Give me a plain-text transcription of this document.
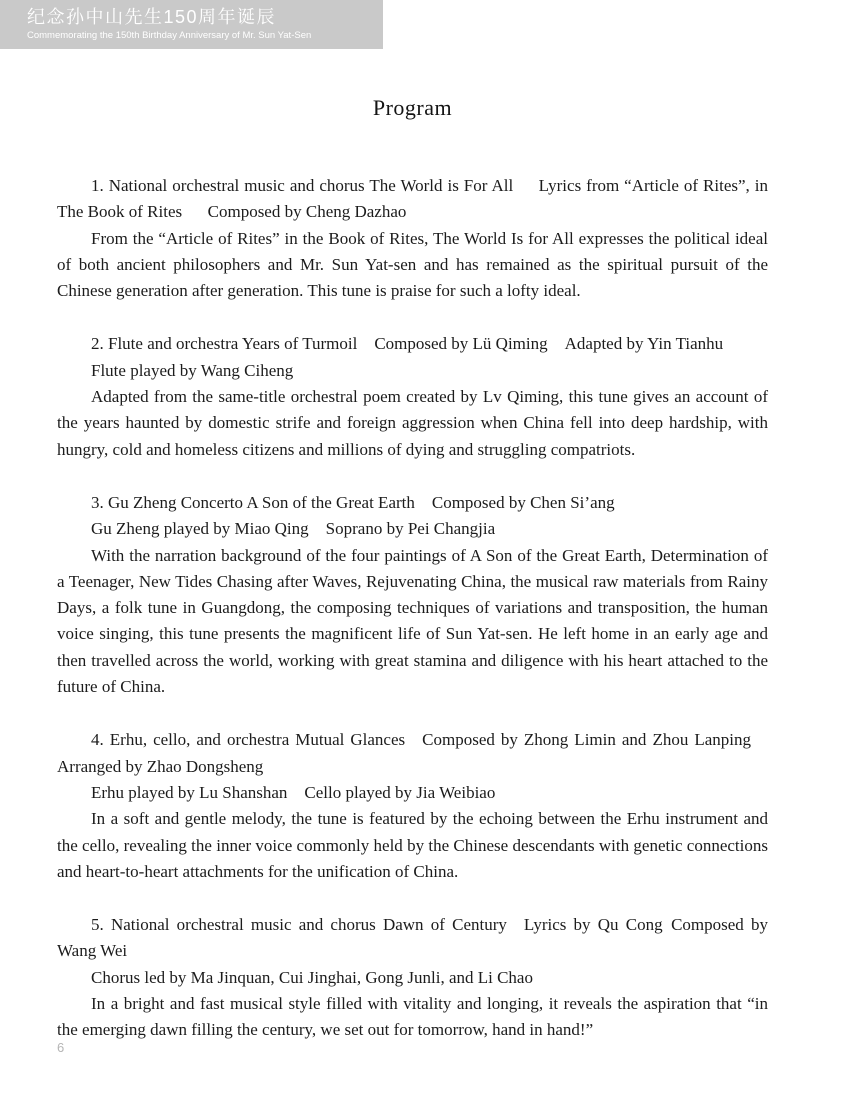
纪念孙中山先生150周年诞辰
Commemorating the 150th Birthday Anniversary of Mr. Sun Yat-Sen
Program

1. National orchestral music and chorus The World is For All  Lyrics from “Article of Rites”, in The Book of Rites  Composed by Cheng Dazhao

From the “Article of Rites” in the Book of Rites, The World Is for All expresses the political ideal of both ancient philosophers and Mr. Sun Yat-sen and has remained as the spiritual pursuit of the Chinese generation after generation. This tune is praise for such a lofty ideal.

2. Flute and orchestra Years of Turmoil Composed by Lü Qiming Adapted by Yin Tianhu

Flute played by Wang Ciheng

Adapted from the same-title orchestral poem created by Lv Qiming, this tune gives an account of the years haunted by domestic strife and foreign aggression when China fell into deep hardship, with hungry, cold and homeless citizens and millions of dying and struggling compatriots.

3. Gu Zheng Concerto A Son of the Great Earth Composed by Chen Si’ang

Gu Zheng played by Miao Qing Soprano by Pei Changjia

With the narration background of the four paintings of A Son of the Great Earth, Determination of a Teenager, New Tides Chasing after Waves, Rejuvenating China, the musical raw materials from Rainy Days, a folk tune in Guangdong, the composing techniques of variations and transposition, the human voice singing, this tune presents the magnificent life of Sun Yat-sen. He left home in an early age and then travelled across the world, working with great stamina and diligence with his heart attached to the future of China.

4. Erhu, cello, and orchestra Mutual Glances Composed by Zhong Limin and Zhou Lanping Arranged by Zhao Dongsheng

Erhu played by Lu Shanshan Cello played by Jia Weibiao

In a soft and gentle melody, the tune is featured by the echoing between the Erhu instrument and the cello, revealing the inner voice commonly held by the Chinese descendants with genetic connections and heart-to-heart attachments for the unification of China.

5. National orchestral music and chorus Dawn of Century Lyrics by Qu Cong Composed by Wang Wei

Chorus led by Ma Jinquan, Cui Jinghai, Gong Junli, and Li Chao

In a bright and fast musical style filled with vitality and longing, it reveals the aspiration that “in the emerging dawn filling the century, we set out for tomorrow, hand in hand!”

6
